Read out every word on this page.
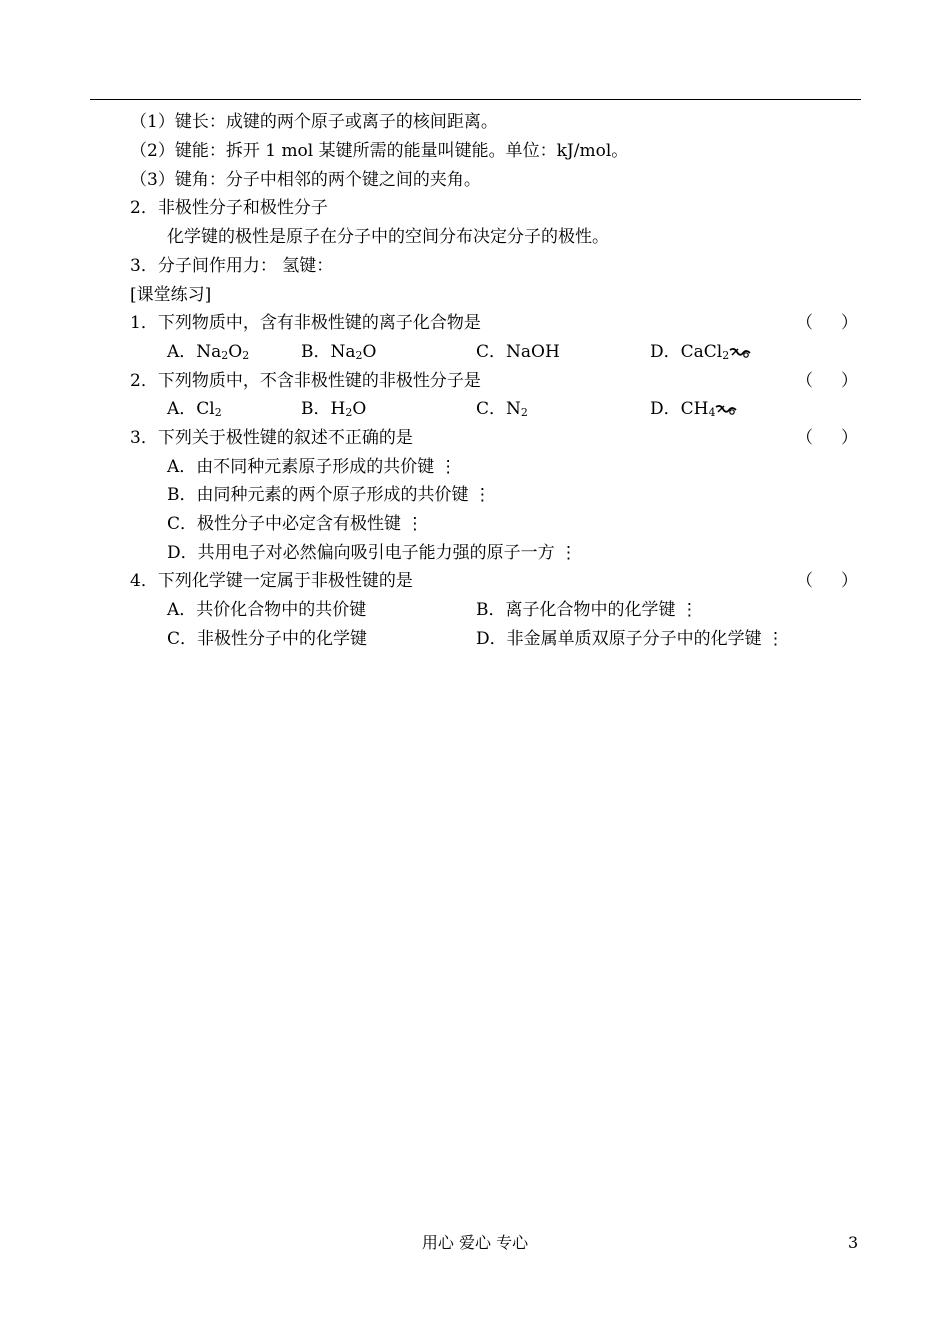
（1）键长：成键的两个原子或离子的核间距离。
（2）键能：拆开 1 mol 某键所需的能量叫键能。单位：kJ/mol。
（3）键角：分子中相邻的两个键之间的夹角。
2．非极性分子和极性分子
化学键的极性是原子在分子中的空间分布决定分子的极性。
3．分子间作用力： 氢键：
[课堂练习]
1．下列物质中，含有非极性键的离子化合物是	（ ）
A．$Na_2O_2$	B．$Na_2O$	C．NaOH	D．CaCl$_2$
2．下列物质中，不含非极性键的非极性分子是	（ ）
A．$Cl_2$	B．$H_2O$	C．$N_2$	D．$CH_4$
3．下列关于极性键的叙述不正确的是	（ ）
A．由不同种元素原子形成的共价键 ⋮
B．由同种元素的两个原子形成的共价键 ⋮
C．极性分子中必定含有极性键 ⋮
D．共用电子对必然偏向吸引电子能力强的原子一方 ⋮
4．下列化学键一定属于非极性键的是	（ ）
A．共价化合物中的共价键	B．离子化合物中的化学键 ⋮
C．非极性分子中的化学键	D．非金属单质双原子分子中的化学键 ⋮
用心 爱心 专心	3
